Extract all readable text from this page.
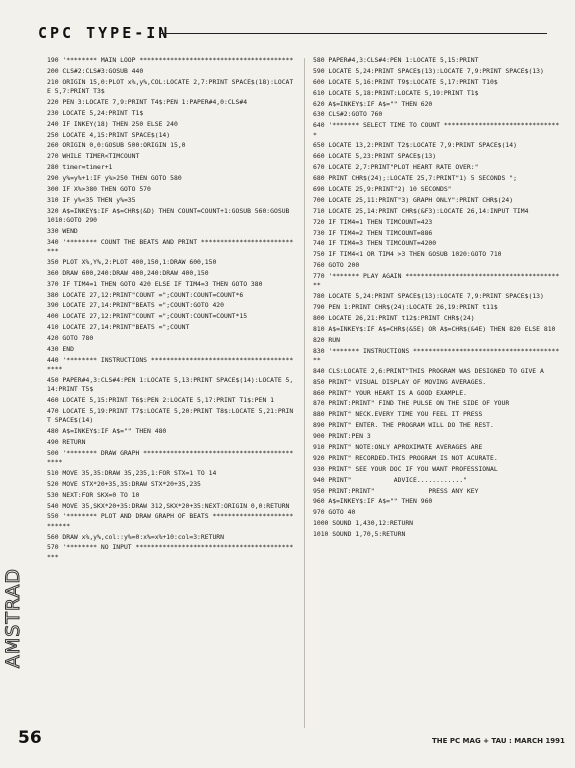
CPC TYPE-IN
190 '******** MAIN LOOP ****************************************
200 CLS#2:CLS#3:GOSUB 440
210 ORIGIN 15,0:PLOT x%,y%,COL:LOCATE 2,7:PRINT SPACE$(18):LOCATE 5,7:PRINT T3$
220 PEN 3:LOCATE 7,9:PRINT T4$:PEN 1:PAPER#4,0:CLS#4
230 LOCATE 5,24:PRINT T1$
240 IF INKEY(18) THEN 250 ELSE 240
250 LOCATE 4,15:PRINT SPACE$(14)
260 ORIGIN 0,0:GOSUB 500:ORIGIN 15,0
270 WHILE TIMER<TIMCOUNT
280 timer=timer+1
290 y%=y%+1:IF y%>250 THEN GOTO 580
300 IF X%>380 THEN GOTO 570
310 IF y%<35 THEN y%=35
320 A$=INKEY$:IF A$=CHR$(&D) THEN COUNT=COUNT+1:GOSUB 560:GOSUB 1010:GOTO 290
330 WEND
340 '******** COUNT THE BEATS AND PRINT ***************************
350 PLOT X%,Y%,2:PLOT 400,150,1:DRAW 600,150
360 DRAW 600,240:DRAW 400,240:DRAW 400,150
370 IF TIM4=1 THEN GOTO 420 ELSE IF TIM4=3 THEN GOTO 380
380 LOCATE 27,12:PRINT"COUNT =";COUNT:COUNT=COUNT*6
390 LOCATE 27,14:PRINT"BEATS =";COUNT:GOTO 420
400 LOCATE 27,12:PRINT"COUNT =";COUNT:COUNT=COUNT*15
410 LOCATE 27,14:PRINT"BEATS =";COUNT
420 GOTO 780
430 END
440 '******** INSTRUCTIONS *****************************************
450 PAPER#4,3:CLS#4:PEN 1:LOCATE 5,13:PRINT SPACE$(14):LOCATE 5,14:PRINT T5$
460 LOCATE 5,15:PRINT T6$:PEN 2:LOCATE 5,17:PRINT T1$:PEN 1
470 LOCATE 5,19:PRINT T7$:LOCATE 5,20:PRINT T8$:LOCATE 5,21:PRINT SPACE$(14)
480 A$=INKEY$:IF A$="" THEN 480
490 RETURN
500 '******** DRAW GRAPH *******************************************
510 MOVE 35,35:DRAW 35,235,1:FOR STX=1 TO 14
520 MOVE STX*20+35,35:DRAW STX*20+35,235
530 NEXT:FOR SKX=0 TO 10
540 MOVE 35,SKX*20+35:DRAW 312,SKX*20+35:NEXT:ORIGIN 0,0:RETURN
550 '******** PLOT AND DRAW GRAPH OF BEATS ***************************
560 DRAW x%,y%,col::y%=0:x%=x%+10:col=3:RETURN
570 '******** NO INPUT ********************************************
580 PAPER#4,3:CLS#4:PEN 1:LOCATE 5,15:PRINT
590 LOCATE 5,24:PRINT SPACE$(13):LOCATE 7,9:PRINT SPACE$(13)
600 LOCATE 5,16:PRINT T9$:LOCATE 5,17:PRINT T10$
610 LOCATE 5,18:PRINT:LOCATE 5,19:PRINT T1$
620 A$=INKEY$:IF A$="" THEN 620
630 CLS#2:GOTO 760
640 '******* SELECT TIME TO COUNT *******************************
650 LOCATE 13,2:PRINT T2$:LOCATE 7,9:PRINT SPACE$(14)
660 LOCATE 5,23:PRINT SPACE$(13)
670 LOCATE 2,7:PRINT"PLOT HEART RATE OVER:"
680 PRINT CHR$(24);:LOCATE 25,7:PRINT"1) 5 SECONDS ";
690 LOCATE 25,9:PRINT"2) 10 SECONDS"
700 LOCATE 25,11:PRINT"3) GRAPH ONLY":PRINT CHR$(24)
710 LOCATE 25,14:PRINT CHR$(&F3):LOCATE 26,14:INPUT TIM4
720 IF TIM4=1 THEN TIMCOUNT=423
730 IF TIM4=2 THEN TIMCOUNT=886
740 IF TIM4=3 THEN TIMCOUNT=4200
750 IF TIM4<1 OR TIM4 >3 THEN GOSUB 1020:GOTO 710
760 GOTO 200
770 '******* PLAY AGAIN ******************************************
780 LOCATE 5,24:PRINT SPACE$(13):LOCATE 7,9:PRINT SPACE$(13)
790 PEN 1:PRINT CHR$(24):LOCATE 26,19:PRINT t11$
800 LOCATE 26,21:PRINT t12$:PRINT CHR$(24)
810 A$=INKEY$:IF A$=CHR$(&5E) OR A$=CHR$(&4E) THEN 820 ELSE 810
820 RUN
830 '******* INSTRUCTIONS ****************************************
840 CLS:LOCATE 2,6:PRINT"THIS PROGRAM WAS DESIGNED TO GIVE A
850 PRINT" VISUAL DISPLAY OF MOVING AVERAGES.
860 PRINT" YOUR HEART IS A GOOD EXAMPLE.
870 PRINT:PRINT" FIND THE PULSE ON THE SIDE OF YOUR
880 PRINT" NECK.EVERY TIME YOU FEEL IT PRESS
890 PRINT" ENTER. THE PROGRAM WILL DO THE REST.
900 PRINT:PEN 3
910 PRINT" NOTE:ONLY APROXIMATE AVERAGES ARE
920 PRINT" RECORDED.THIS PROGRAM IS NOT ACURATE.
930 PRINT" SEE YOUR DOC IF YOU WANT PROFESSIONAL
940 PRINT"           ADVICE............"
950 PRINT:PRINT"              PRESS ANY KEY
960 A$=INKEY$:IF A$="" THEN 960
970 GOTO 40
1000 SOUND 1,430,12:RETURN
1010 SOUND 1,70,5:RETURN
AMSTRAD
56	THE PC MAG + TAU : MARCH 1991
